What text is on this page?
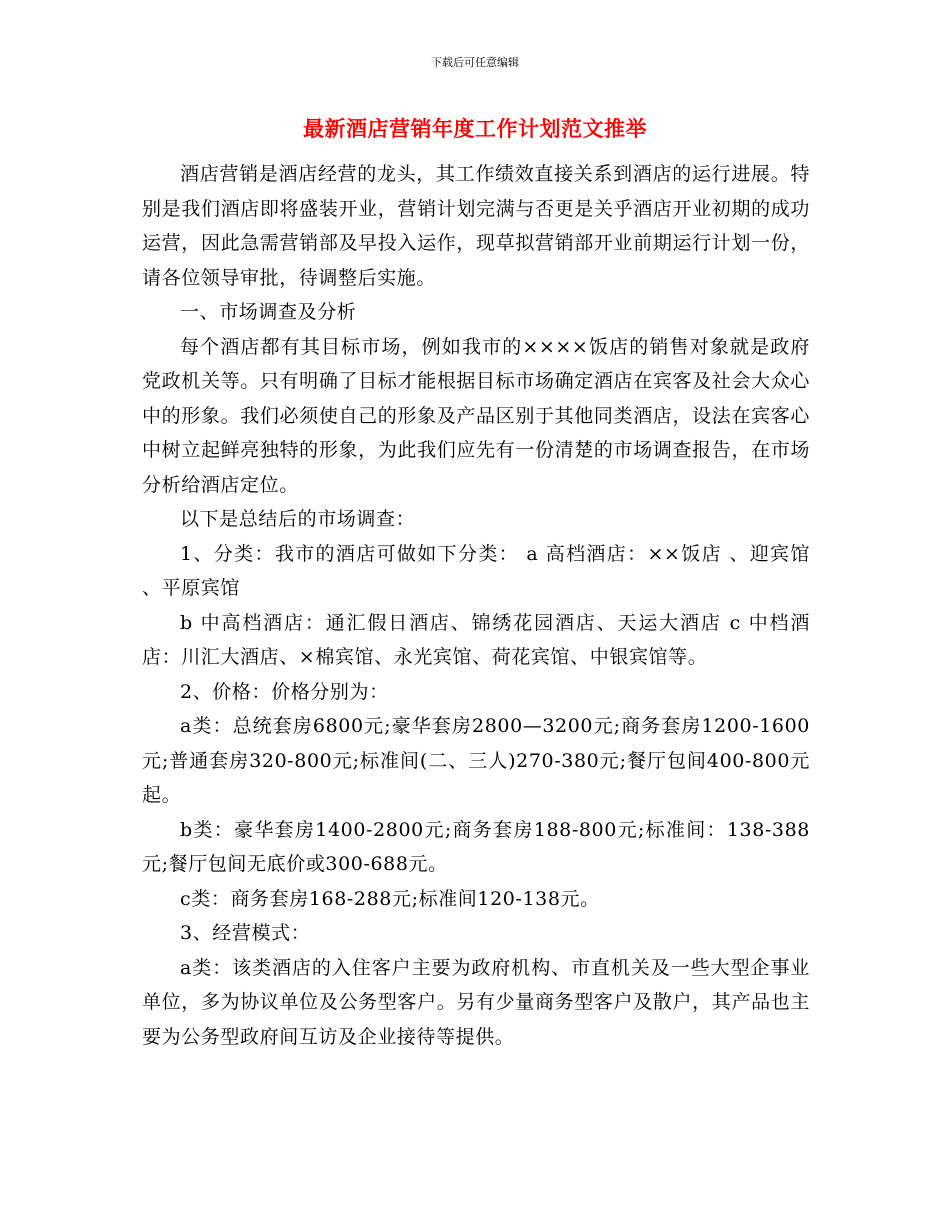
下载后可任意编辑
最新酒店营销年度工作计划范文推举

酒店营销是酒店经营的龙头，其工作绩效直接关系到酒店的运行进展。特别是我们酒店即将盛装开业，营销计划完满与否更是关乎酒店开业初期的成功运营，因此急需营销部及早投入运作，现草拟营销部开业前期运行计划一份，请各位领导审批，待调整后实施。

一、市场调查及分析

每个酒店都有其目标市场，例如我市的××××饭店的销售对象就是政府党政机关等。只有明确了目标才能根据目标市场确定酒店在宾客及社会大众心中的形象。我们必须使自己的形象及产品区别于其他同类酒店，设法在宾客心中树立起鲜亮独特的形象，为此我们应先有一份清楚的市场调查报告，在市场分析给酒店定位。

以下是总结后的市场调查：

1、分类：我市的酒店可做如下分类： a 高档酒店：××饭店 、迎宾馆 、平原宾馆

b 中高档酒店：通汇假日酒店、锦绣花园酒店、天运大酒店 c 中档酒店：川汇大酒店、×棉宾馆、永光宾馆、荷花宾馆、中银宾馆等。

2、价格：价格分别为：

a类：总统套房6800元;豪华套房2800—3200元;商务套房1200-1600元;普通套房320-800元;标准间(二、三人)270-380元;餐厅包间400-800元起。

b类：豪华套房1400-2800元;商务套房188-800元;标准间：138-388元;餐厅包间无底价或300-688元。

c类：商务套房168-288元;标准间120-138元。

3、经营模式：

a类：该类酒店的入住客户主要为政府机构、市直机关及一些大型企事业单位，多为协议单位及公务型客户。另有少量商务型客户及散户，其产品也主要为公务型政府间互访及企业接待等提供。
